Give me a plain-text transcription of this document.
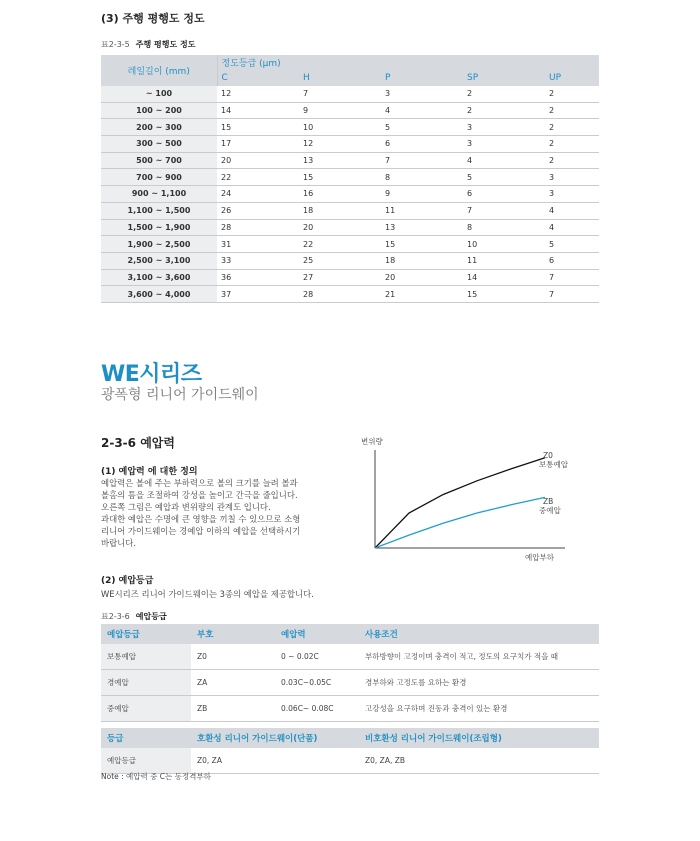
(3) 주행 평행도 정도
표2-3-5 주행 평행도 정도
레일길이 (mm)	정도등급 (μm)				
	C	H	P	SP	UP
~ 100	12	7	3	2	2
100 ~ 200	14	9	4	2	2
200 ~ 300	15	10	5	3	2
300 ~ 500	17	12	6	3	2
500 ~ 700	20	13	7	4	2
700 ~ 900	22	15	8	5	3
900 ~ 1,100	24	16	9	6	3
1,100 ~ 1,500	26	18	11	7	4
1,500 ~ 1,900	28	20	13	8	4
1,900 ~ 2,500	31	22	15	10	5
2,500 ~ 3,100	33	25	18	11	6
3,100 ~ 3,600	36	27	20	14	7
3,600 ~ 4,000	37	28	21	15	7
WE시리즈
광폭형 리니어 가이드웨이
2-3-6 예압력
(1) 예압력 에 대한 정의
예압력은 볼에 주는 부하력으로 볼의 크기를 늘려 볼과
볼홈의 틈을 조절하여 강성을 높이고 간극을 줄입니다.
오른쪽 그림은 예압과 변위량의 관계도 입니다.
과대한 예압은 수명에 큰 영향을 끼칠 수 있으므로 소형
리니어 가이드웨이는 경예압 이하의 예압을 선택하시기
바랍니다.
(2) 예압등급
WE시리즈 리니어 가이드웨이는 3종의 예압을 제공합니다.
변위량
예압부하
Z0
보통예압
ZB
중예압
표2-3-6 예압등급
예압등급	부호	예압력	사용조건
보통예압	Z0	0 ~ 0.02C	부하방향이 고정이며 충격이 적고, 정도의 요구치가 적을 때
경예압	ZA	0.03C~0.05C	경부하와 고정도를 요하는 환경
중예압	ZB	0.06C~ 0.08C	고강성을 요구하며 진동과 충격이 있는 환경

등급	호환성 리니어 가이드웨이(단품)		비호환성 리니어 가이드웨이(조립형)
예압등급	Z0, ZA		Z0, ZA, ZB
Note : 예압력 중 C는 동정격부하
